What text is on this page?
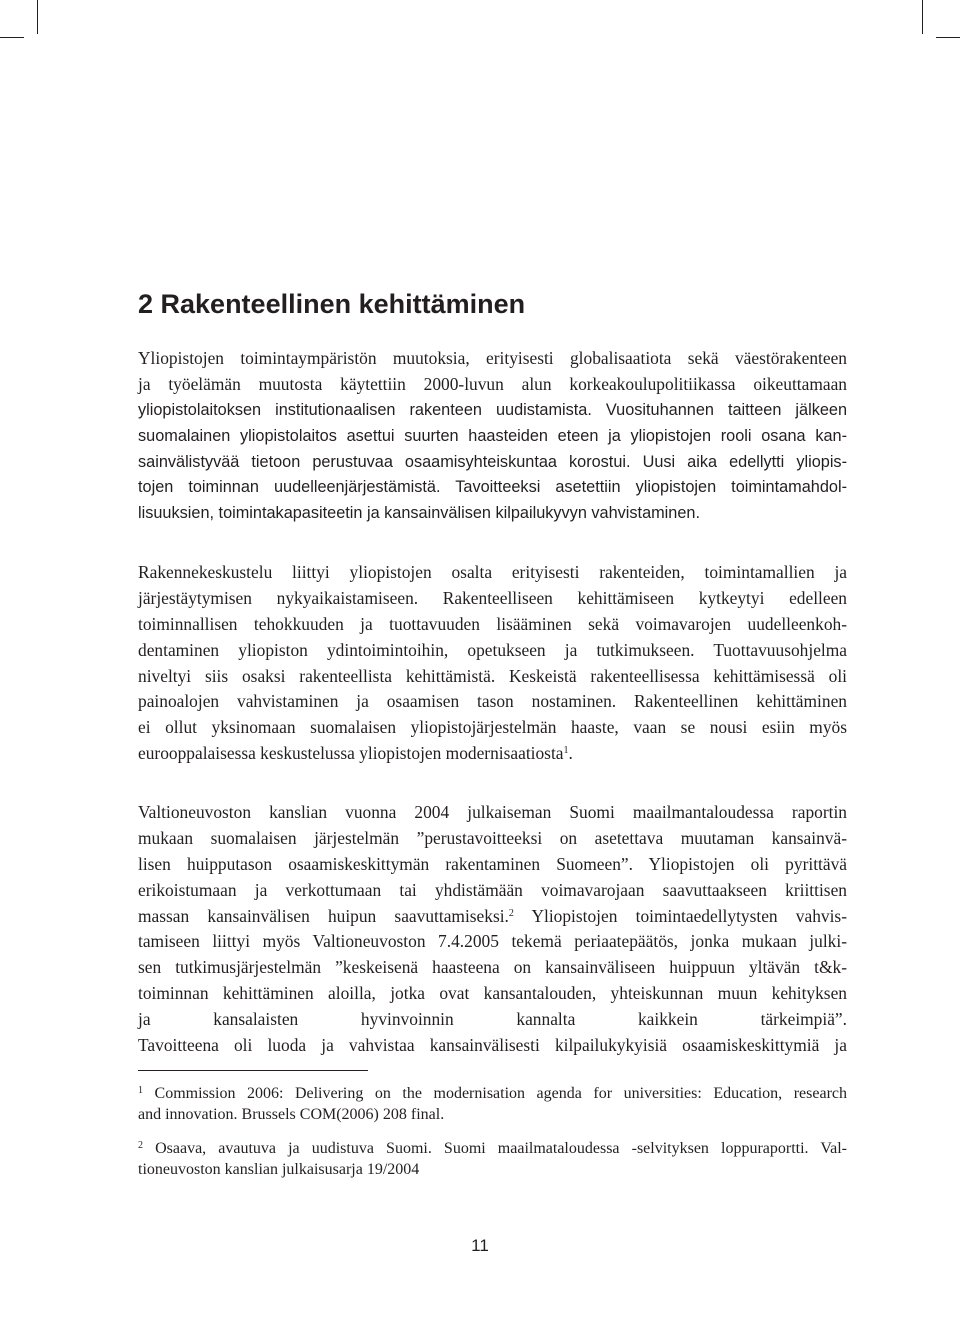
2 Rakenteellinen kehittäminen
Yliopistojen toimintaympäristön muutoksia, erityisesti globalisaatiota sekä väestörakenteen
ja työelämän muutosta käytettiin 2000-luvun alun korkeakoulupolitiikassa oikeuttamaan
yliopistolaitoksen institutionaalisen rakenteen uudistamista. Vuosituhannen taitteen jälkeen
suomalainen yliopistolaitos asettui suurten haasteiden eteen ja yliopistojen rooli osana kan-
sainvälistyvää tietoon perustuvaa osaamisyhteiskuntaa korostui. Uusi aika edellytti yliopis-
tojen toiminnan uudelleenjärjestämistä. Tavoitteeksi asetettiin yliopistojen toimintamahdol-
lisuuksien, toimintakapasiteetin ja kansainvälisen kilpailukyvyn vahvistaminen.
Rakennekeskustelu liittyi yliopistojen osalta erityisesti rakenteiden, toimintamallien ja
järjestäytymisen nykyaikaistamiseen. Rakenteelliseen kehittämiseen kytkeytyi edelleen
toiminnallisen tehokkuuden ja tuottavuuden lisääminen sekä voimavarojen uudelleenkoh-
dentaminen yliopiston ydintoimintoihin, opetukseen ja tutkimukseen. Tuottavuusohjelma
niveltyi siis osaksi rakenteellista kehittämistä. Keskeistä rakenteellisessa kehittämisessä oli
painoalojen vahvistaminen ja osaamisen tason nostaminen. Rakenteellinen kehittäminen
ei ollut yksinomaan suomalaisen yliopistojärjestelmän haaste, vaan se nousi esiin myös
eurooppalaisessa keskustelussa yliopistojen modernisaatiosta$^1$.
Valtioneuvoston kanslian vuonna 2004 julkaiseman Suomi maailmantaloudessa raportin
mukaan suomalaisen järjestelmän ”perustavoitteeksi on asetettava muutaman kansainvä-
lisen huipputason osaamiskeskittymän rakentaminen Suomeen”. Yliopistojen oli pyrittävä
erikoistumaan ja verkottumaan tai yhdistämään voimavarojaan saavuttaakseen kriittisen
massan kansainvälisen huipun saavuttamiseksi.$^2$ Yliopistojen toimintaedellytysten vahvis-
tamiseen liittyi myös Valtioneuvoston 7.4.2005 tekemä periaatepäätös, jonka mukaan julki-
sen tutkimusjärjestelmän ”keskeisenä haasteena on kansainväliseen huippuun yltävän t&k-
toiminnan kehittäminen aloilla, jotka ovat kansantalouden, yhteiskunnan muun kehityksen
ja kansalaisten hyvinvoinnin kannalta kaikkein tärkeimpiä”.
Tavoitteena oli luoda ja vahvistaa kansainvälisesti kilpailukykyisiä osaamiskeskittymiä ja
$^1$ Commission 2006: Delivering on the modernisation agenda for universities: Education, research
and innovation. Brussels COM(2006) 208 final.
$^2$ Osaava, avautuva ja uudistuva Suomi. Suomi maailmataloudessa -selvityksen loppuraportti. Val-
tioneuvoston kanslian julkaisusarja 19/2004
11
